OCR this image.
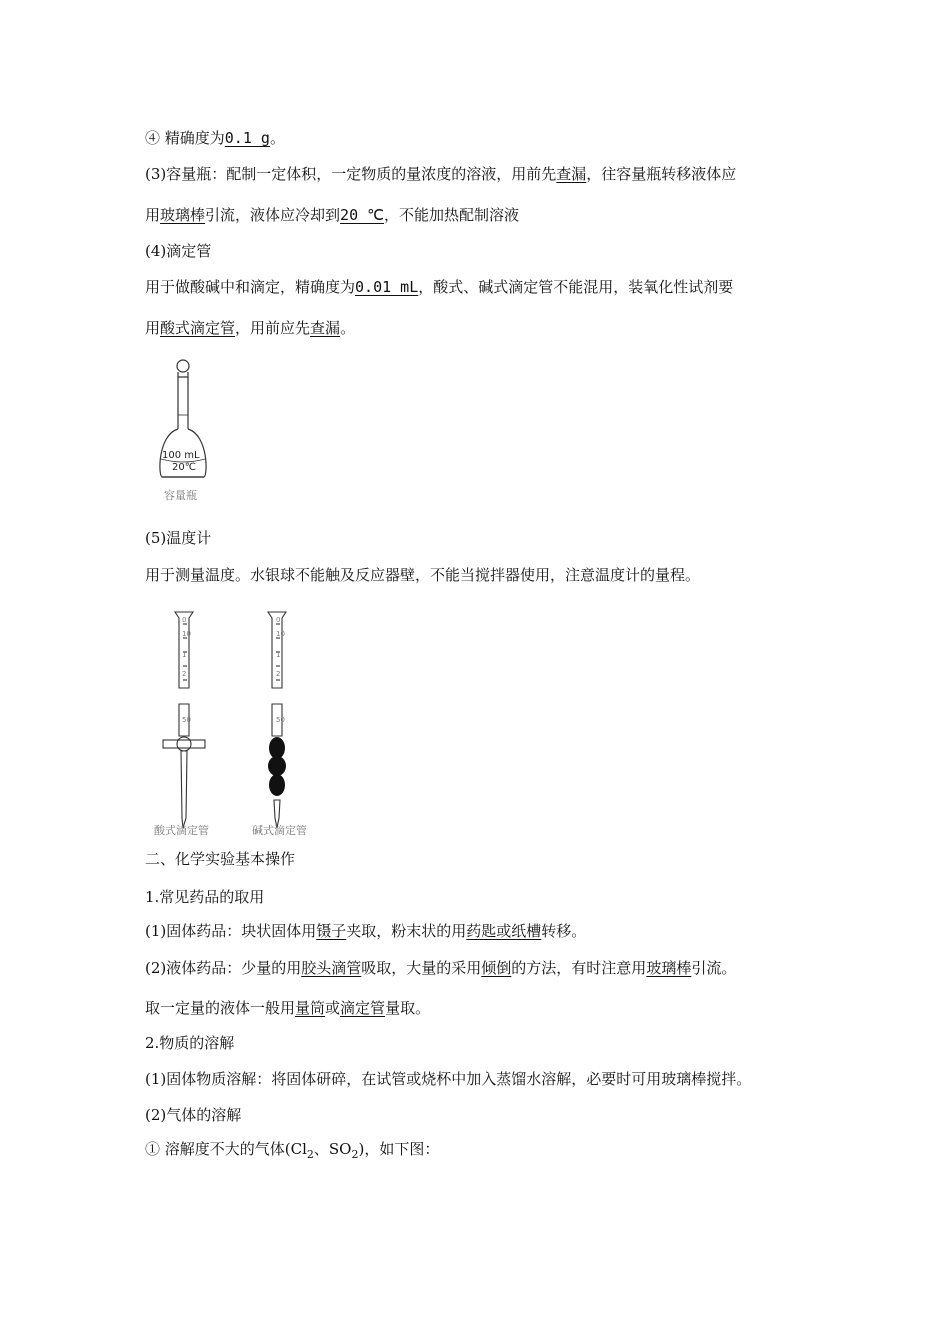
④ 精确度为0.1 g。
(3)容量瓶：配制一定体积，一定物质的量浓度的溶液，用前先查漏，往容量瓶转移液体应
用玻璃棒引流，液体应冷却到20 ℃，不能加热配制溶液
(4)滴定管
用于做酸碱中和滴定，精确度为0.01 mL，酸式、碱式滴定管不能混用，装氧化性试剂要
用酸式滴定管，用前应先查漏。
100 mL
20℃
容量瓶
(5)温度计
用于测量温度。水银球不能触及反应器壁，不能当搅拌器使用，注意温度计的量程。
酸式滴定管	碱式滴定管
二、化学实验基本操作
1.常见药品的取用
(1)固体药品：块状固体用镊子夹取，粉末状的用药匙或纸槽转移。
(2)液体药品：少量的用胶头滴管吸取，大量的采用倾倒的方法，有时注意用玻璃棒引流。
取一定量的液体一般用量筒或滴定管量取。
2.物质的溶解
(1)固体物质溶解：将固体研碎，在试管或烧杯中加入蒸馏水溶解，必要时可用玻璃棒搅拌。
(2)气体的溶解
① 溶解度不大的气体($Cl_2$、$SO_2$)，如下图：
0
10
1
2
50
0
10
1
2
50
